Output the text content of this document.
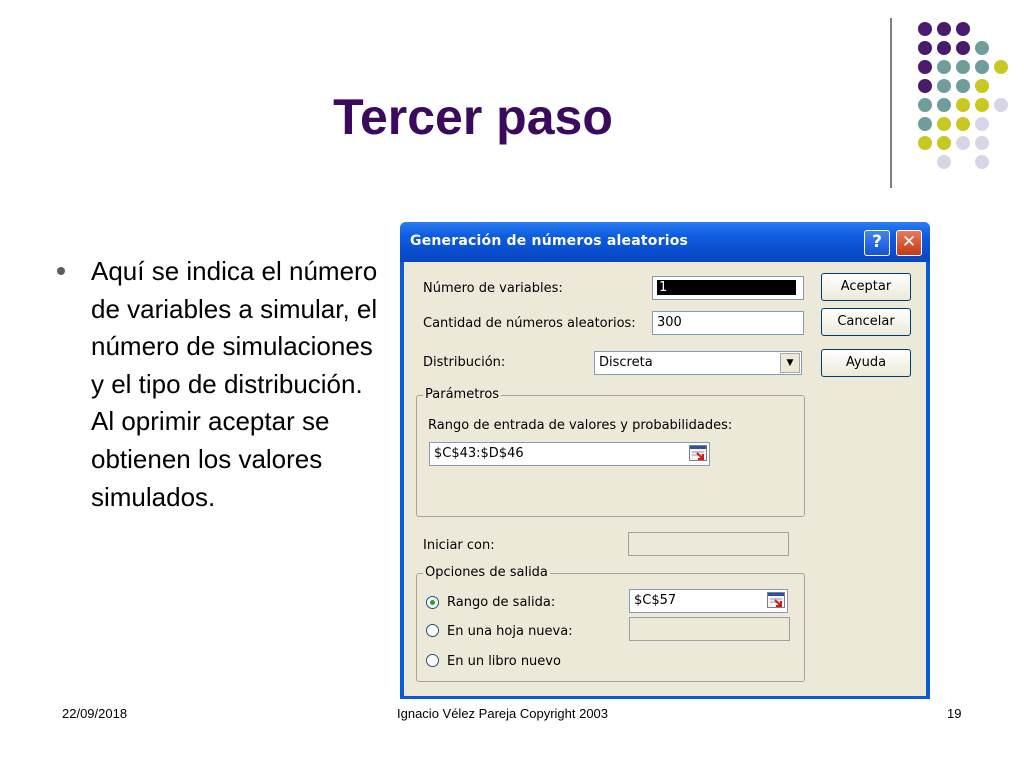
Tercer paso
Aquí se indica el número de variables a simular, el número de simulaciones y el tipo de distribución. Al oprimir aceptar se obtienen los valores simulados.
Generación de números aleatorios	?	✕
Número de variables:	1
Cantidad de números aleatorios:	300
Distribución:	Discreta	▼
Aceptar
Cancelar
Ayuda
Parámetros
Rango de entrada de valores y probabilidades:
$C$43:$D$46
Iniciar con:
Opciones de salida
Rango de salida:	$C$57
En una hoja nueva:
En un libro nuevo
22/09/2018	Ignacio Vélez Pareja Copyright 2003	19
